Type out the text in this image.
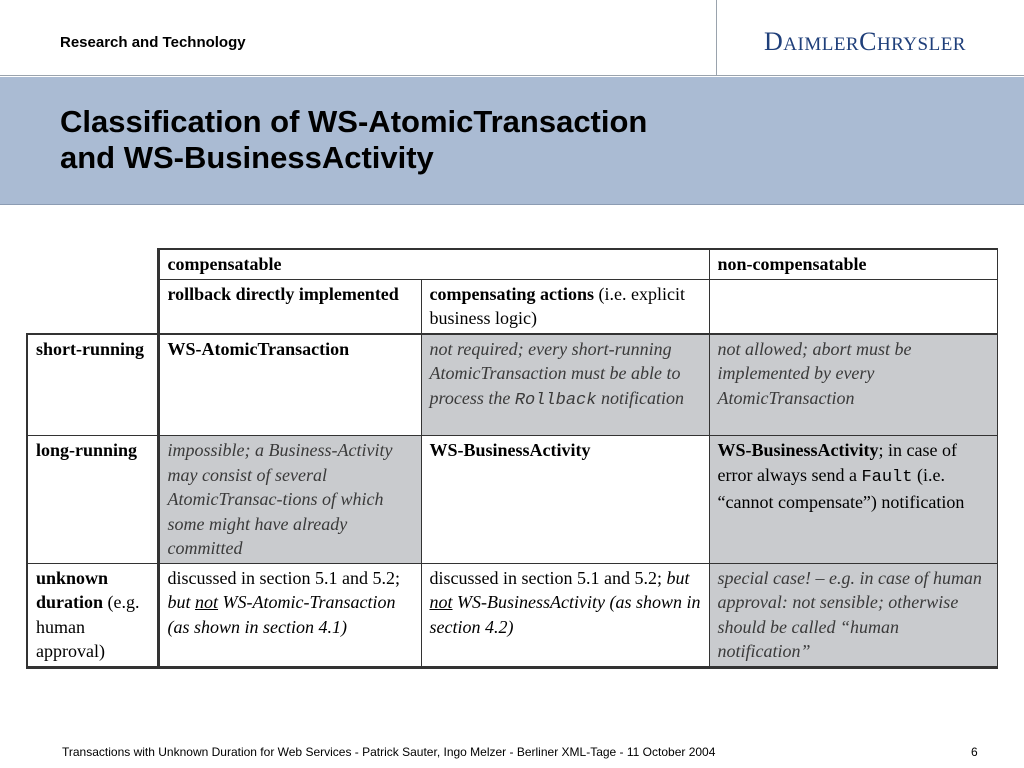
Research and Technology	DAIMLERCHRYSLER
Classification of WS-AtomicTransaction
and WS-BusinessActivity
	compensatable		non-compensatable
	rollback directly implemented	compensating actions (i.e. explicit business logic)	
short-running	WS-AtomicTransaction	not required; every short-running AtomicTransaction must be able to process the Rollback notification	not allowed; abort must be implemented by every AtomicTransaction
long-running	impossible; a Business-Activity may consist of several AtomicTransac-tions of which some might have already committed	WS-BusinessActivity	WS-BusinessActivity; in case of error always send a Fault (i.e. “cannot compensate”) notification
unknown duration (e.g. human approval)	discussed in section 5.1 and 5.2; but not WS-Atomic-Transaction (as shown in section 4.1)	discussed in section 5.1 and 5.2; but not WS-BusinessActivity (as shown in section 4.2)	special case! – e.g. in case of human approval: not sensible; otherwise should be called “human notification”
Transactions with Unknown Duration for Web Services - Patrick Sauter, Ingo Melzer - Berliner XML-Tage - 11 October 2004	6
